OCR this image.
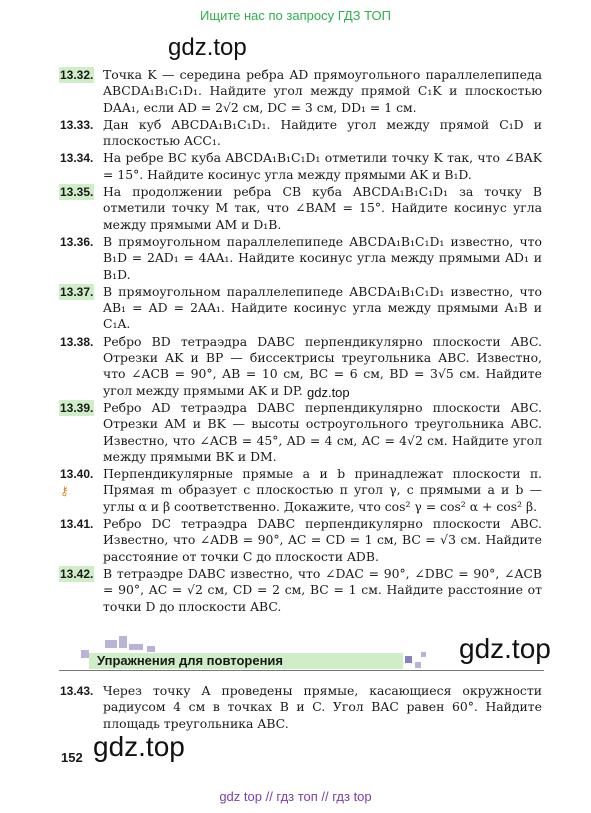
Ищите нас по запросу ГДЗ ТОП
gdz.top
gdz.top
gdz.top
gdz.top
13.32. Точка K — середина ребра AD прямоугольного параллелепипеда ABCDA₁B₁C₁D₁. Найдите угол между прямой C₁K и плоскостью DAA₁, если AD = 2√2 см, DC = 3 см, DD₁ = 1 см.
13.33. Дан куб ABCDA₁B₁C₁D₁. Найдите угол между прямой C₁D и плоскостью ACC₁.
13.34. На ребре BC куба ABCDA₁B₁C₁D₁ отметили точку K так, что ∠BAK = 15°. Найдите косинус угла между прямыми AK и B₁D.
13.35. На продолжении ребра CB куба ABCDA₁B₁C₁D₁ за точку B отметили точку M так, что ∠BAM = 15°. Найдите косинус угла между прямыми AM и D₁B.
13.36. В прямоугольном параллелепипеде ABCDA₁B₁C₁D₁ известно, что B₁D = 2AD₁ = 4AA₁. Найдите косинус угла между прямыми AD₁ и B₁D.
13.37. В прямоугольном параллелепипеде ABCDA₁B₁C₁D₁ известно, что AB₁ = AD = 2AA₁. Найдите косинус угла между прямыми A₁B и C₁A.
13.38. Ребро BD тетраэдра DABC перпендикулярно плоскости ABC. Отрезки AK и BP — биссектрисы треугольника ABC. Известно, что ∠ACB = 90°, AB = 10 см, BC = 6 см, BD = 3√5 см. Найдите угол между прямыми AK и DP.
13.39. Ребро AD тетраэдра DABC перпендикулярно плоскости ABC. Отрезки AM и BK — высоты остроугольного треугольника ABC. Известно, что ∠ACB = 45°, AD = 4 см, AC = 4√2 см. Найдите угол между прямыми BK и DM.
13.40.
⚷
Перпендикулярные прямые a и b принадлежат плоскости π. Прямая m образует с плоскостью π угол γ, с прямыми a и b — углы α и β соответственно. Докажите, что cos² γ = cos² α + cos² β.
13.41. Ребро DC тетраэдра DABC перпендикулярно плоскости ABC. Известно, что ∠ADB = 90°, AC = CD = 1 см, BC = √3 см. Найдите расстояние от точки C до плоскости ADB.
13.42. В тетраэдре DABC известно, что ∠DAC = 90°, ∠DBC = 90°, ∠ACB = 90°, AC = √2 см, CD = 2 см, BC = 1 см. Найдите расстояние от точки D до плоскости ABC.
Упражнения для повторения
13.43. Через точку A проведены прямые, касающиеся окружности радиусом 4 см в точках B и C. Угол BAC равен 60°. Найдите площадь треугольника ABC.
152
gdz top // гдз топ // гдз top
